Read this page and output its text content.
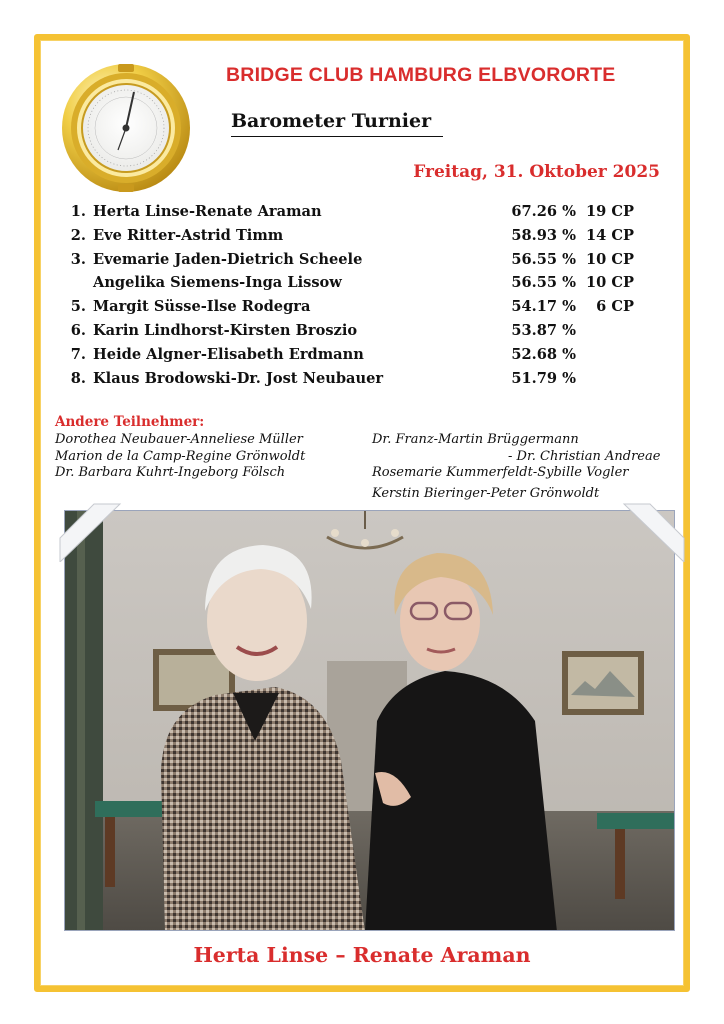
BRIDGE CLUB HAMBURG ELBVORORTE
Barometer Turnier
Freitag, 31. Oktober 2025
1. Herta Linse-Renate Araman	67.26 % 19 CP
2. Eve Ritter-Astrid Timm	58.93 % 14 CP
3. Evemarie Jaden-Dietrich Scheele	56.55 % 10 CP
Angelika Siemens-Inga Lissow	56.55 % 10 CP
5. Margit Süsse-Ilse Rodegra	54.17 %	6 CP
6. Karin Lindhorst-Kirsten Broszio	53.87 %
7. Heide Algner-Elisabeth Erdmann	52.68 %
8. Klaus Brodowski-Dr. Jost Neubauer	51.79 %
Andere Teilnehmer:
Dorothea Neubauer-Anneliese Müller
Marion de la Camp-Regine Grönwoldt
Dr. Barbara Kuhrt-Ingeborg Fölsch
Dr. Franz-Martin Brüggermann
- Dr. Christian Andreae
Rosemarie Kummerfeldt-Sybille Vogler
Kerstin Bieringer-Peter Grönwoldt
Herta Linse – Renate Araman
